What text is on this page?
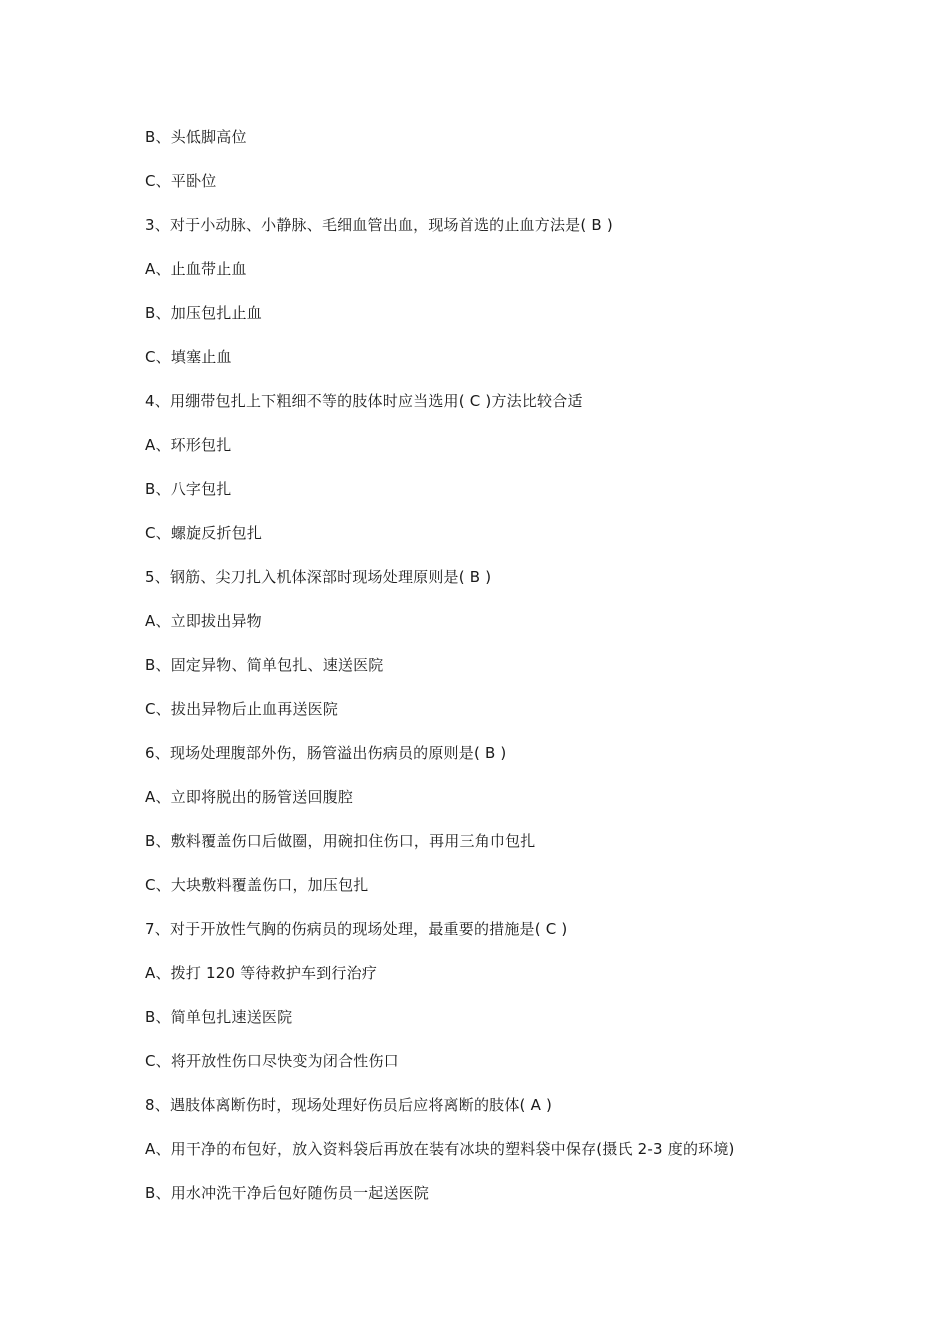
B、头低脚高位
C、平卧位
3、对于小动脉、小静脉、毛细血管出血，现场首选的止血方法是( B )
A、止血带止血
B、加压包扎止血
C、填塞止血
4、用绷带包扎上下粗细不等的肢体时应当选用( C )方法比较合适
A、环形包扎
B、八字包扎
C、螺旋反折包扎
5、钢筋、尖刀扎入机体深部时现场处理原则是( B )
A、立即拔出异物
B、固定异物、简单包扎、速送医院
C、拔出异物后止血再送医院
6、现场处理腹部外伤，肠管溢出伤病员的原则是( B )
A、立即将脱出的肠管送回腹腔
B、敷料覆盖伤口后做圈，用碗扣住伤口，再用三角巾包扎
C、大块敷料覆盖伤口，加压包扎
7、对于开放性气胸的伤病员的现场处理，最重要的措施是( C )
A、拨打 120 等待救护车到行治疗
B、简单包扎速送医院
C、将开放性伤口尽快变为闭合性伤口
8、遇肢体离断伤时，现场处理好伤员后应将离断的肢体( A )
A、用干净的布包好，放入资料袋后再放在装有冰块的塑料袋中保存(摄氏 2-3 度的环境)
B、用水冲洗干净后包好随伤员一起送医院
